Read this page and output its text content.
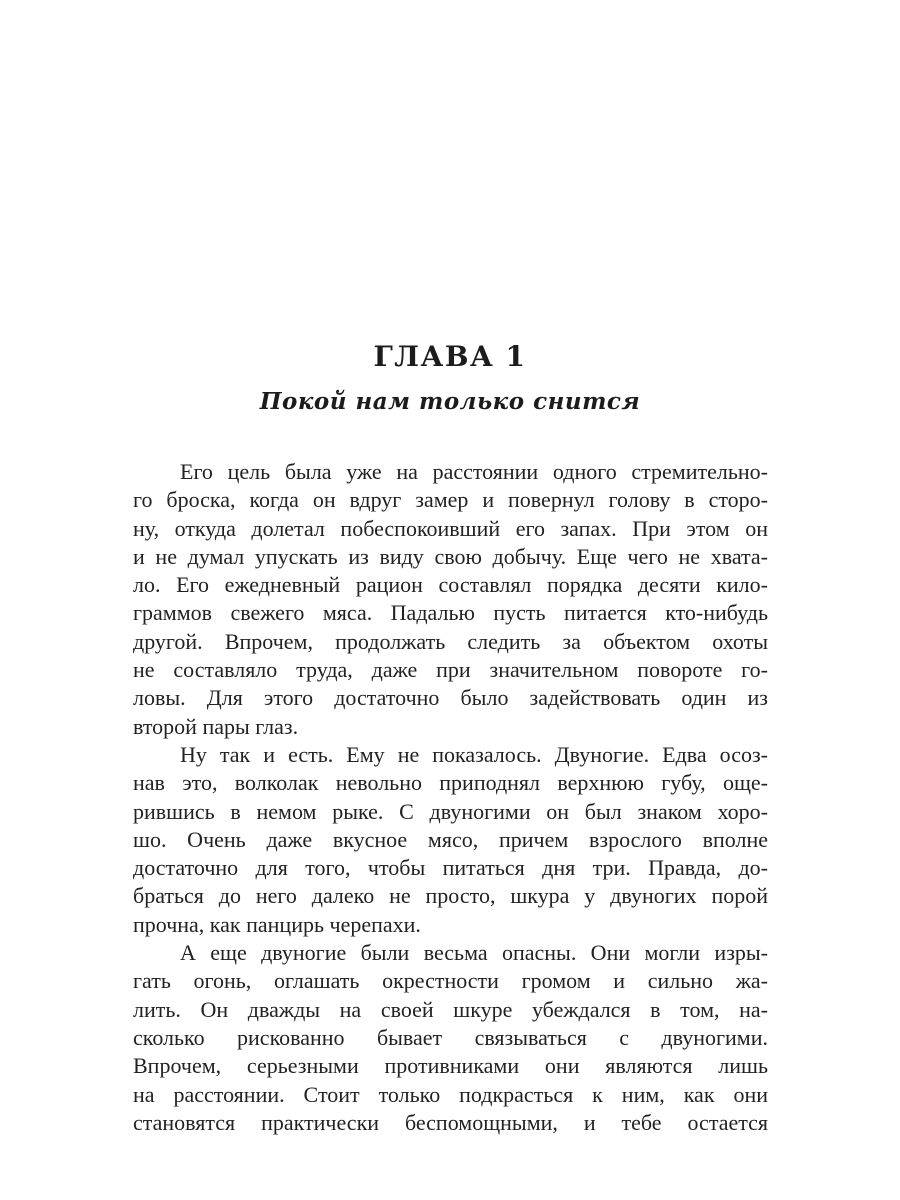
ГЛАВА 1
Покой нам только снится
Его цель была уже на расстоянии одного стремительно-
го броска, когда он вдруг замер и повернул голову в сторо-
ну, откуда долетал побеспокоивший его запах. При этом он
и не думал упускать из виду свою добычу. Еще чего не хвата-
ло. Его ежедневный рацион составлял порядка десяти кило-
граммов свежего мяса. Падалью пусть питается кто-нибудь
другой. Впрочем, продолжать следить за объектом охоты
не составляло труда, даже при значительном повороте го-
ловы. Для этого достаточно было задействовать один из
второй пары глаз.
Ну так и есть. Ему не показалось. Двуногие. Едва осоз-
нав это, волколак невольно приподнял верхнюю губу, още-
рившись в немом рыке. С двуногими он был знаком хоро-
шо. Очень даже вкусное мясо, причем взрослого вполне
достаточно для того, чтобы питаться дня три. Правда, до-
браться до него далеко не просто, шкура у двуногих порой
прочна, как панцирь черепахи.
А еще двуногие были весьма опасны. Они могли изры-
гать огонь, оглашать окрестности громом и сильно жа-
лить. Он дважды на своей шкуре убеждался в том, на-
сколько рискованно бывает связываться с двуногими.
Впрочем, серьезными противниками они являются лишь
на расстоянии. Стоит только подкрасться к ним, как они
становятся практически беспомощными, и тебе остается
